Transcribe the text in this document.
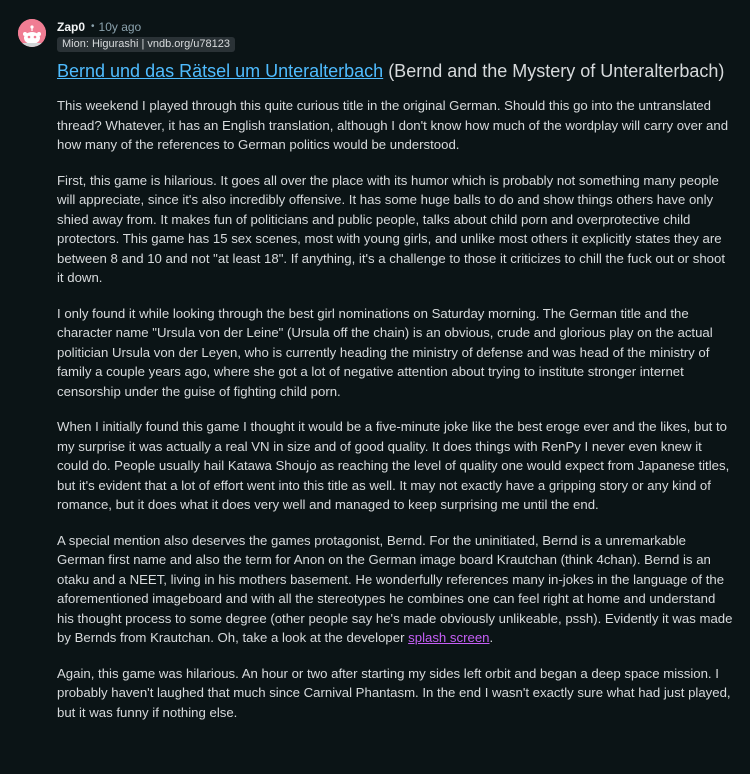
Zap0 • 10y ago
Mion: Higurashi | vndb.org/u78123
Bernd und das Rätsel um Unteralterbach (Bernd and the Mystery of Unteralterbach)

This weekend I played through this quite curious title in the original German. Should this go into the untranslated thread? Whatever, it has an English translation, although I don't know how much of the wordplay will carry over and how many of the references to German politics would be understood.

First, this game is hilarious. It goes all over the place with its humor which is probably not something many people will appreciate, since it's also incredibly offensive. It has some huge balls to do and show things others have only shied away from. It makes fun of politicians and public people, talks about child porn and overprotective child protectors. This game has 15 sex scenes, most with young girls, and unlike most others it explicitly states they are between 8 and 10 and not "at least 18". If anything, it's a challenge to those it criticizes to chill the fuck out or shoot it down.

I only found it while looking through the best girl nominations on Saturday morning. The German title and the character name "Ursula von der Leine" (Ursula off the chain) is an obvious, crude and glorious play on the actual politician Ursula von der Leyen, who is currently heading the ministry of defense and was head of the ministry of family a couple years ago, where she got a lot of negative attention about trying to institute stronger internet censorship under the guise of fighting child porn.

When I initially found this game I thought it would be a five-minute joke like the best eroge ever and the likes, but to my surprise it was actually a real VN in size and of good quality. It does things with RenPy I never even knew it could do. People usually hail Katawa Shoujo as reaching the level of quality one would expect from Japanese titles, but it's evident that a lot of effort went into this title as well. It may not exactly have a gripping story or any kind of romance, but it does what it does very well and managed to keep surprising me until the end.

A special mention also deserves the games protagonist, Bernd. For the uninitiated, Bernd is a unremarkable German first name and also the term for Anon on the German image board Krautchan (think 4chan). Bernd is an otaku and a NEET, living in his mothers basement. He wonderfully references many in-jokes in the language of the aforementioned imageboard and with all the stereotypes he combines one can feel right at home and understand his thought process to some degree (other people say he's made obviously unlikeable, pssh). Evidently it was made by Bernds from Krautchan. Oh, take a look at the developer splash screen.

Again, this game was hilarious. An hour or two after starting my sides left orbit and began a deep space mission. I probably haven't laughed that much since Carnival Phantasm. In the end I wasn't exactly sure what had just played, but it was funny if nothing else.
